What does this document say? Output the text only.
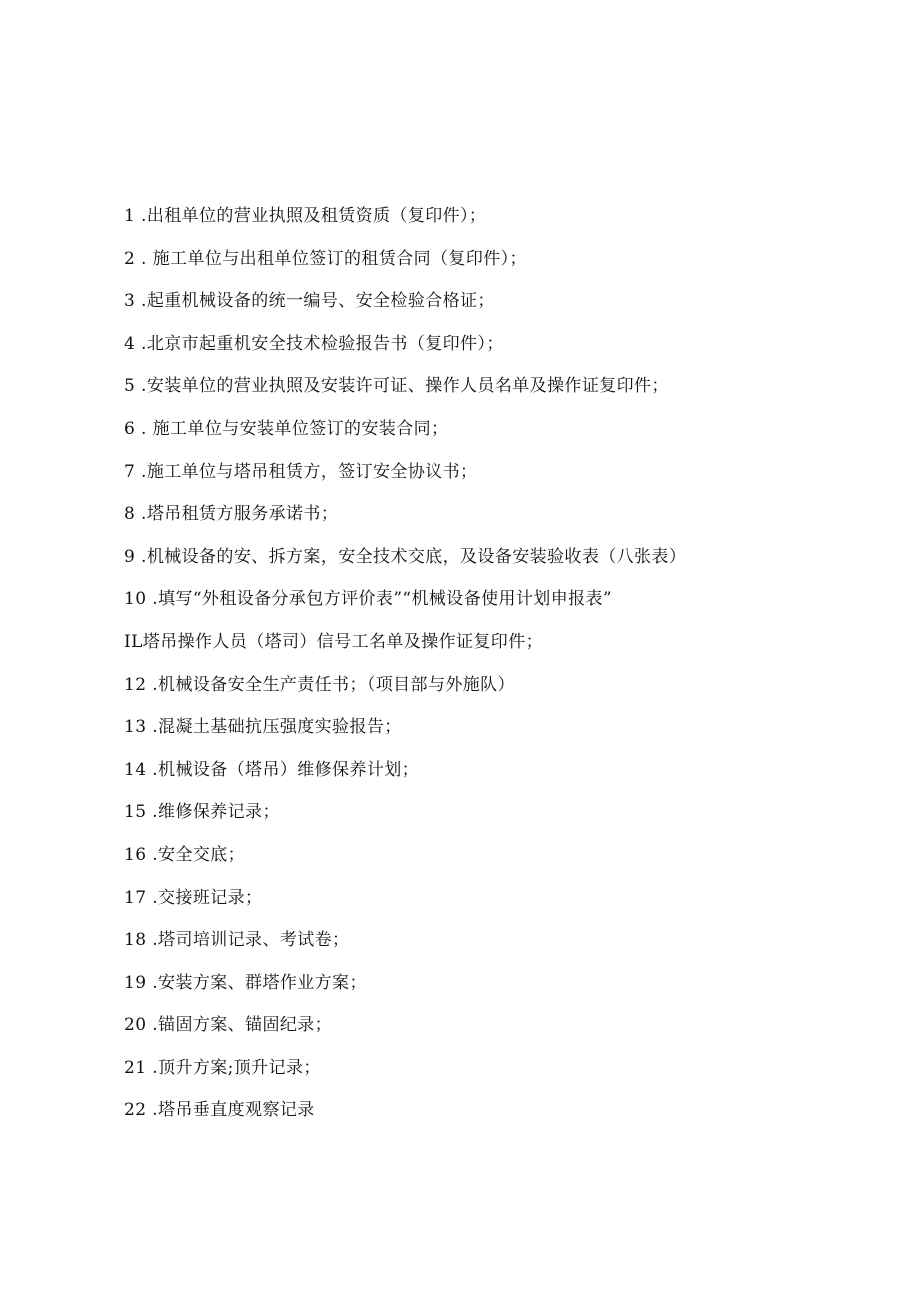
1 .出租单位的营业执照及租赁资质（复印件）；
2 . 施工单位与出租单位签订的租赁合同（复印件）；
3 .起重机械设备的统一编号、安全检验合格证；
4 .北京市起重机安全技术检验报告书（复印件）；
5 .安装单位的营业执照及安装许可证、操作人员名单及操作证复印件；
6 . 施工单位与安装单位签订的安装合同；
7 .施工单位与塔吊租赁方，签订安全协议书；
8 .塔吊租赁方服务承诺书；
9 .机械设备的安、拆方案，安全技术交底，及设备安装验收表（八张表）
10 .填写“外租设备分承包方评价表”“机械设备使用计划申报表”
IL塔吊操作人员（塔司）信号工名单及操作证复印件；
12 .机械设备安全生产责任书；（项目部与外施队）
13 .混凝土基础抗压强度实验报告；
14 .机械设备（塔吊）维修保养计划；
15 .维修保养记录；
16 .安全交底；
17 .交接班记录；
18 .塔司培训记录、考试卷；
19 .安装方案、群塔作业方案；
20 .锚固方案、锚固纪录；
21 .顶升方案;顶升记录；
22 .塔吊垂直度观察记录
